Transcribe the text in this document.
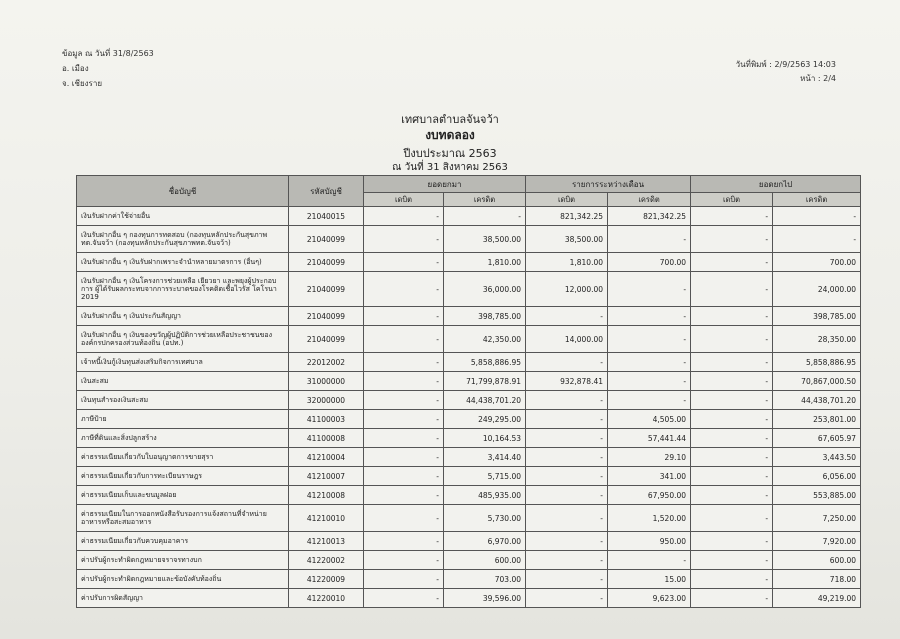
ข้อมูล ณ วันที่ 31/8/2563
อ. เมือง
จ. เชียงราย
วันที่พิมพ์ : 2/9/2563 14:03
หน้า : 2/4
เทศบาลตำบลจันจว้า
งบทดลอง
ปีงบประมาณ 2563
ณ วันที่ 31 สิงหาคม 2563
ชื่อบัญชี	รหัสบัญชี	ยอดยกมา		รายการระหว่างเดือน		ยอดยกไป	
		เดบิต	เครดิต	เดบิต	เครดิต	เดบิต	เครดิต
เงินรับฝากค่าใช้จ่ายอื่น	21040015	-	-	821,342.25	821,342.25	-	-
เงินรับฝากอื่น ๆ กองทุนการทดสอบ (กองทุนหลักประกันสุขภาพ ทต.จันจว้า (กองทุนหลักประกันสุขภาพทต.จันจว้า)	21040099	-	38,500.00	38,500.00	-	-	-
เงินรับฝากอื่น ๆ เงินรับฝากเพราะจำนำหลายมาตรการ (อื่นๆ)	21040099	-	1,810.00	1,810.00	700.00	-	700.00
เงินรับฝากอื่น ๆ เงินโครงการช่วยเหลือ เยียวยา และพยุงผู้ประกอบการ ผู้ได้รับผลกระทบจากการระบาดของโรคติดเชื้อไวรัส โคโรนา 2019	21040099	-	36,000.00	12,000.00	-	-	24,000.00
เงินรับฝากอื่น ๆ เงินประกันสัญญา	21040099	-	398,785.00	-	-	-	398,785.00
เงินรับฝากอื่น ๆ เงินของขวัญผู้ปฏิบัติการช่วยเหลือประชาชนขององค์กรปกครองส่วนท้องถิ่น (อปท.)	21040099	-	42,350.00	14,000.00	-	-	28,350.00
เจ้าหนี้เงินกู้เงินทุนส่งเสริมกิจการเทศบาล	22012002	-	5,858,886.95	-	-	-	5,858,886.95
เงินสะสม	31000000	-	71,799,878.91	932,878.41	-	-	70,867,000.50
เงินทุนสำรองเงินสะสม	32000000	-	44,438,701.20	-	-	-	44,438,701.20
ภาษีป้าย	41100003	-	249,295.00	-	4,505.00	-	253,801.00
ภาษีที่ดินและสิ่งปลูกสร้าง	41100008	-	10,164.53	-	57,441.44	-	67,605.97
ค่าธรรมเนียมเกี่ยวกับใบอนุญาตการขายสุรา	41210004	-	3,414.40	-	29.10	-	3,443.50
ค่าธรรมเนียมเกี่ยวกับการทะเบียนราษฎร	41210007	-	5,715.00	-	341.00	-	6,056.00
ค่าธรรมเนียมเก็บและขนมูลฝอย	41210008	-	485,935.00	-	67,950.00	-	553,885.00
ค่าธรรมเนียมในการออกหนังสือรับรองการแจ้งสถานที่จำหน่ายอาหารหรือสะสมอาหาร	41210010	-	5,730.00	-	1,520.00	-	7,250.00
ค่าธรรมเนียมเกี่ยวกับควบคุมอาคาร	41210013	-	6,970.00	-	950.00	-	7,920.00
ค่าปรับผู้กระทำผิดกฎหมายจราจรทางบก	41220002	-	600.00	-	-	-	600.00
ค่าปรับผู้กระทำผิดกฎหมายและข้อบังคับท้องถิ่น	41220009	-	703.00	-	15.00	-	718.00
ค่าปรับการผิดสัญญา	41220010	-	39,596.00	-	9,623.00	-	49,219.00
